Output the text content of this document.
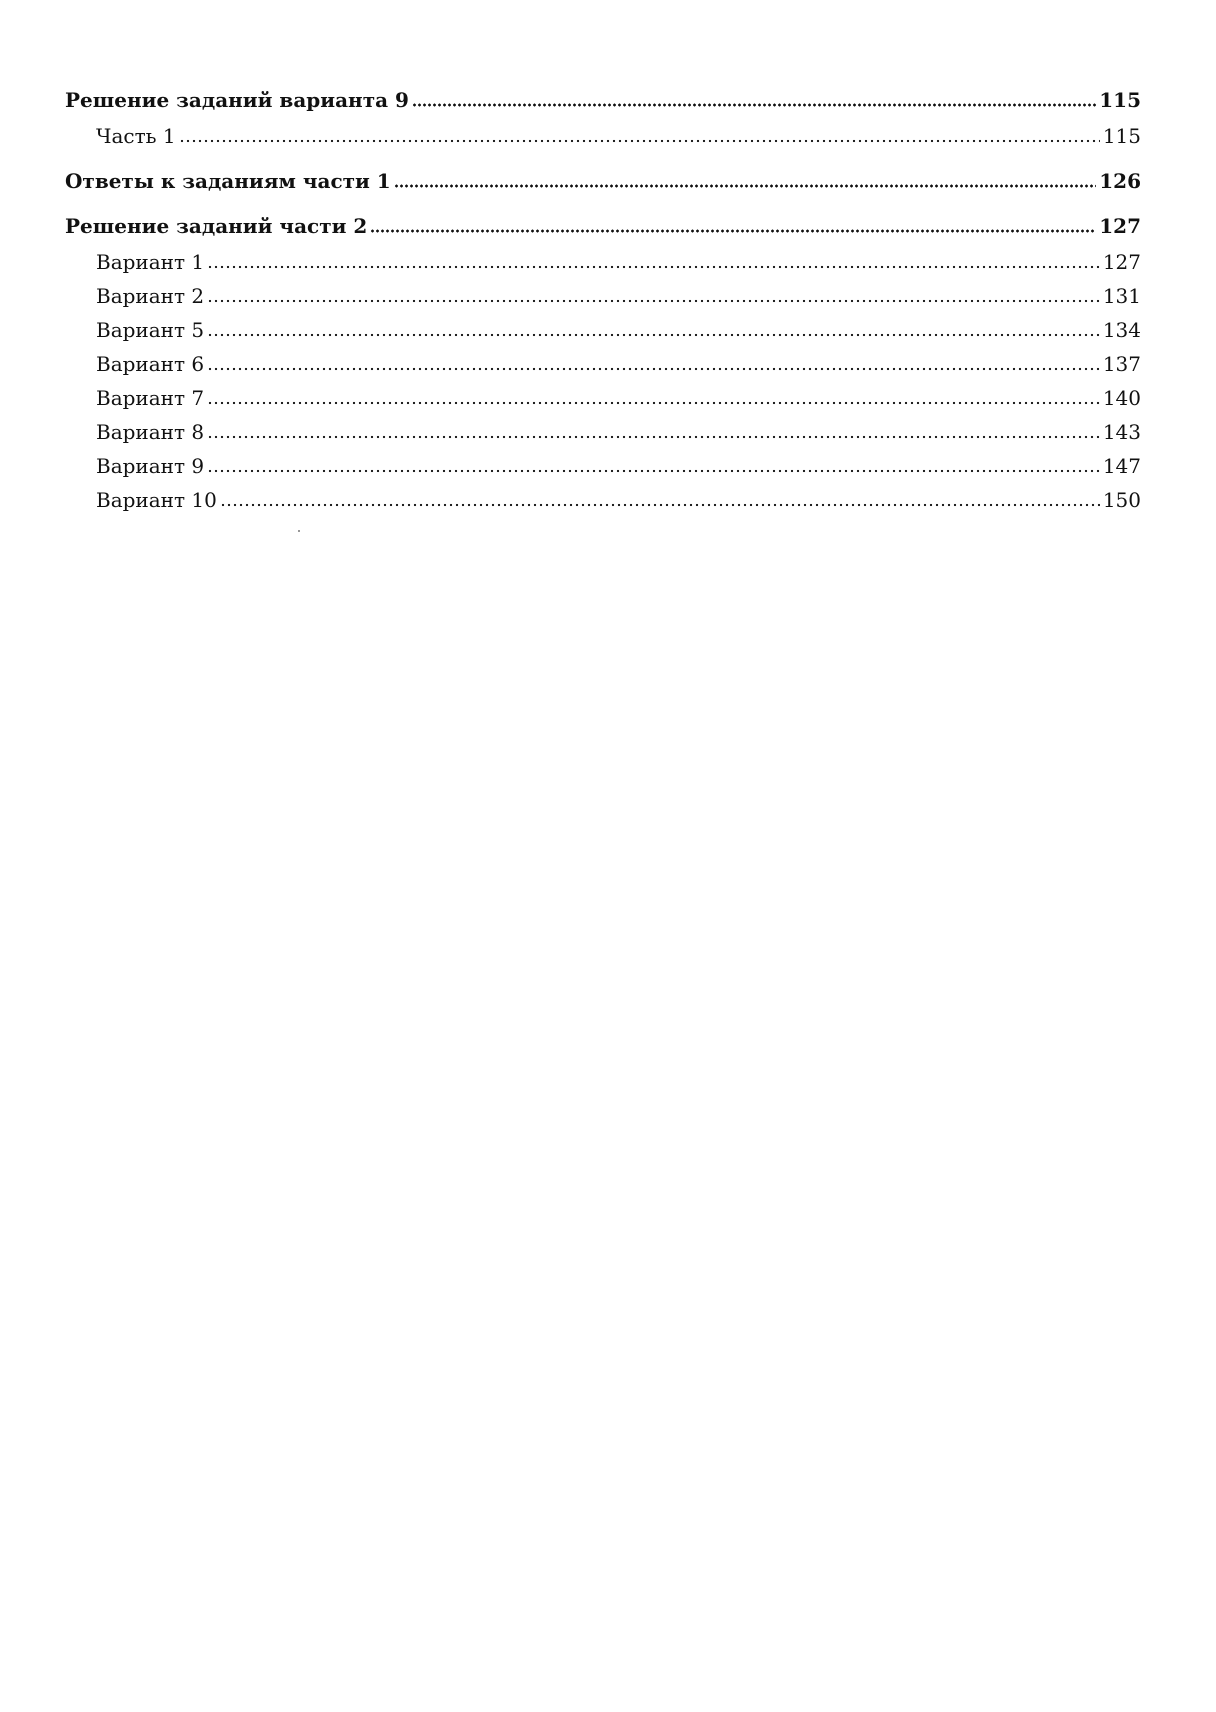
Решение заданий варианта 9	115
Часть 1	115
Ответы к заданиям части 1	126
Решение заданий части 2	127
Вариант 1	127
Вариант 2	131
Вариант 5	134
Вариант 6	137
Вариант 7	140
Вариант 8	143
Вариант 9	147
Вариант 10	150
